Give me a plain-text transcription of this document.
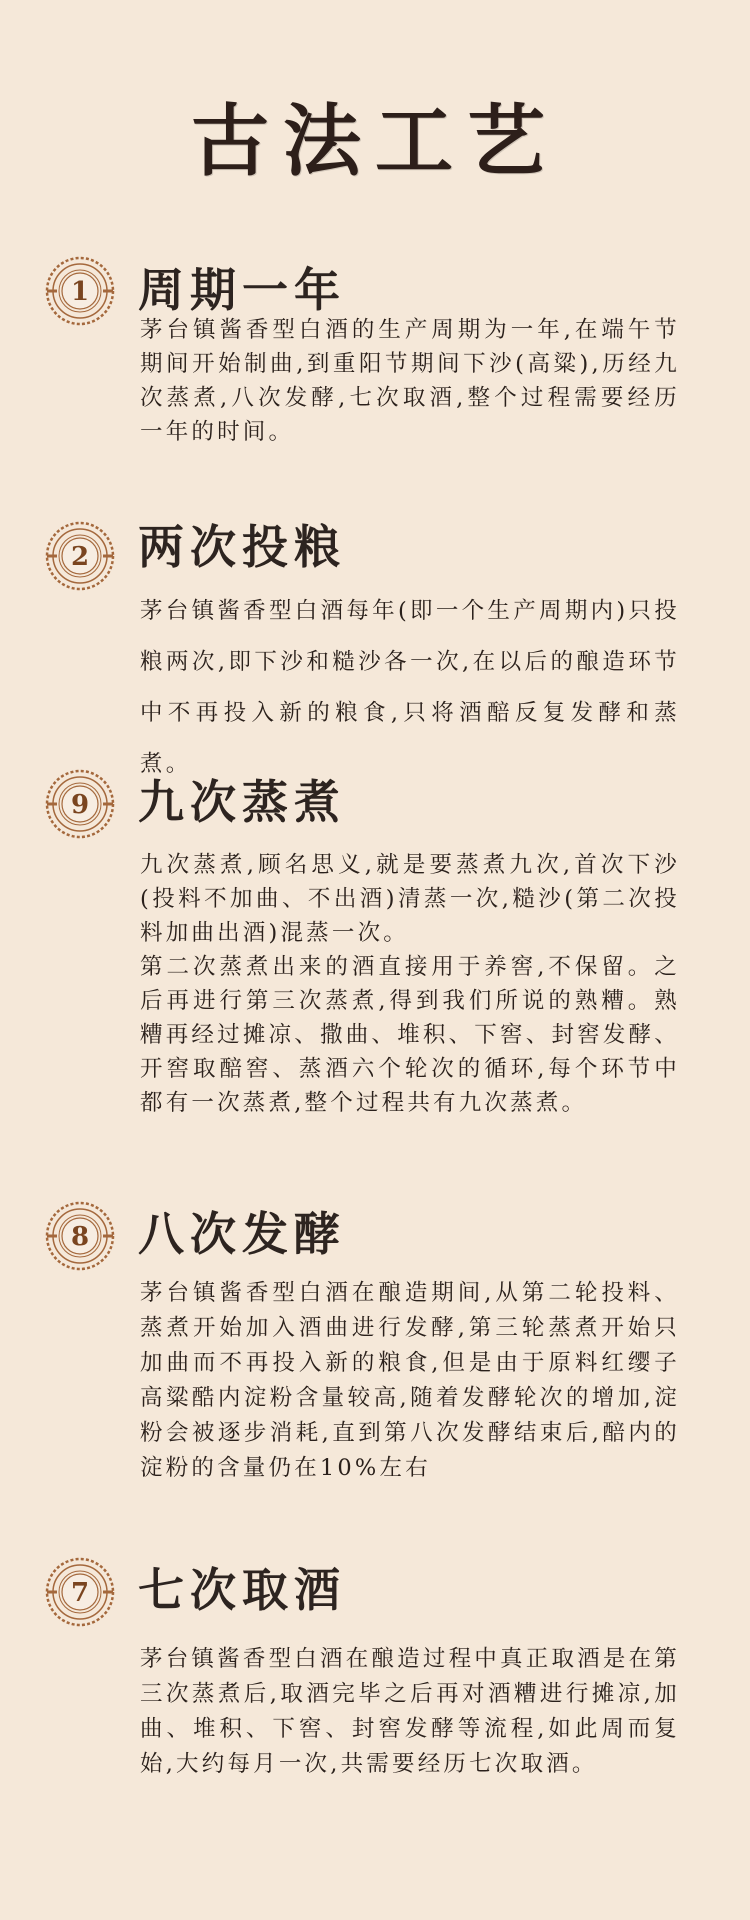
古法工艺
1 周期一年

茅台镇酱香型白酒的生产周期为一年,在端午节期间开始制曲,到重阳节期间下沙(高粱),历经九次蒸煮,八次发酵,七次取酒,整个过程需要经历一年的时间。

2 两次投粮

茅台镇酱香型白酒每年(即一个生产周期内)只投粮两次,即下沙和糙沙各一次,在以后的酿造环节中不再投入新的粮食,只将酒醅反复发酵和蒸煮。

9 九次蒸煮

九次蒸煮,顾名思义,就是要蒸煮九次,首次下沙(投料不加曲、不出酒)清蒸一次,糙沙(第二次投料加曲出酒)混蒸一次。

第二次蒸煮出来的酒直接用于养窖,不保留。之后再进行第三次蒸煮,得到我们所说的熟糟。熟糟再经过摊凉、撒曲、堆积、下窖、封窖发酵、开窖取醅窖、蒸酒六个轮次的循环,每个环节中都有一次蒸煮,整个过程共有九次蒸煮。

8 八次发酵

茅台镇酱香型白酒在酿造期间,从第二轮投料、蒸煮开始加入酒曲进行发酵,第三轮蒸煮开始只加曲而不再投入新的粮食,但是由于原料红缨子高粱酷内淀粉含量较高,随着发酵轮次的增加,淀粉会被逐步消耗,直到第八次发酵结束后,醅内的淀粉的含量仍在10%左右

7 七次取酒

茅台镇酱香型白酒在酿造过程中真正取酒是在第三次蒸煮后,取酒完毕之后再对酒糟进行摊凉,加曲、堆积、下窖、封窖发酵等流程,如此周而复始,大约每月一次,共需要经历七次取酒。
